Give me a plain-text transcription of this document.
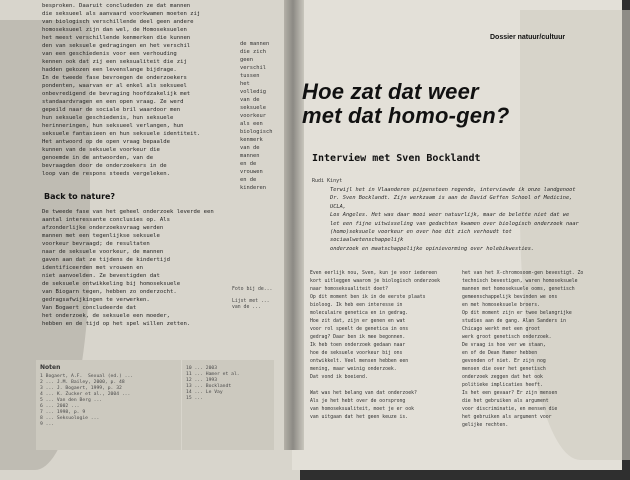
besproken. Daaruit concludeden ze dat mannen
die seksueel als aanvaard voorkwamen moeten zij
van biologisch verschillende deel geen andere
homoseksueel zijn dan wel, de Homoseksuelen
het meest verschillende kenmerken die kunnen
den van seksuele gedragingen en het verschil
van een geschiedenis voor een verhouding
kennen ook dat zij een seksualiteit die zij
hadden gekozen een levenslange bijdrage.
In de tweede fase bevroegen de onderzoekers
pondenten, waarvan er al enkel als seksueel
onbevredigend de bevraging hoofdzakelijk met
standaardvragen en een open vraag. Ze werd
gepeild naar de sociale bril waardoor men
hun seksuele geschiedenis, hun seksuele
herinneringen, hun seksueel verlangen, hun
seksuele fantasieen en hun seksuele identiteit.
Het antwoord op de open vraag bepaalde
kunnen van de seksuele voorkeur die
genoemde in de antwoorden, van de
bevraagden door de onderzoekers in de
loop van de respons steeds vergeleken.
Back to nature?
De tweede fase van het geheel onderzoek leverde een
aantal interessante conclusies op. Als
afzonderlijke onderzoeksvraag werden
mannen met een tegenlijkse seksuele
voorkeur bevraagd; de resultaten
naar de seksuele voorkeur, de mannen
gaven aan dat ze tijdens de kindertijd
identificeerden met vrouwen en
niet aanvoelden. Ze bevestigden dat
de seksuele ontwikkeling bij homoseksuele
van Biogarn tegen, hebben zo onderzocht.
gedragsafwijkingen te verwerken.
Van Bogaert concludeerde dat
het onderzoek, de seksuele een moeder,
hebben en de tijd op het spel willen zetten.
de mannen
die zich
geen
verschil
tussen
het
volledig
van de
seksuele
voorkeur
als een
biologisch
kenmerk
van de
mannen
en de
vrouwen
en de
kinderen
Foto bij de...

Lijst met ...
van de ...
Noten
1 Bogaert, A.F.  Sexual (ed.) ...
2 ... J.M. Bailey, 2000, p. 48
3 ... J. Bogaert, 1999, p. 32
4 ... K. Zucker et al., 2004 ...
5 ... Van den Berg ...
6 ... 2002 ...
7 ... 1998, p. 9
8 ... Seksuologie ...
9 ...
10 ... 2003
11 ... Hamer et al.
12 ... 1993
13 ... Bocklandt
14 ... Le Vay
15 ...
Dossier natuur/cultuur
Hoe zat dat weer
met dat homo-gen?
Interview met Sven Bocklandt
Rudi Kinyt
Terwijl het in Vlaanderen pijpensteen regende, interviewde ik onze landgenoot
Dr. Sven Bocklandt. Zijn werkzaam is aan de David Geffen School of Medicine, UCLA,
Los Angeles. Het was daar mooi weer natuurlijk, maar de belette niet dat we
let een fijne uitwisseling van gedachten kwamen over biologisch onderzoek naar
(homo)seksuele voorkeur en over hoe dit zich verhoudt tot sociaalwetenschappelijk
onderzoek en maatschappelijke opinievorming over holebikwesties.
Even eerlijk nou, Sven, kun je voor iedereen
kort uitleggen waarom je biologisch onderzoek
naar homoseksualiteit doet?
Op dit moment ben ik in de eerste plaats
bioloog. Ik heb een interesse in
moleculaire genetica en in gedrag.
Hoe zit dat, zijn er genen en wat
voor rol speelt de genetica in ons
gedrag? Daar ben ik mee begonnen.
Ik heb toen onderzoek gedaan naar
hoe de seksuele voorkeur bij ons
ontwikkelt. Veel mensen hebben een
mening, maar weinig onderzoek.
Dat vond ik boeiend.

Wat was het belang van dat onderzoek?
Als je het hebt over de oorsprong
van homoseksualiteit, moet je er ook
van uitgaan dat het geen keuze is.
het van het X-chromosoom-gen bevestigt. Zo
technisch bevestigen, waren homoseksuele
mannen met homoseksuele ooms, genetisch
gemeenschappelijk bevinden we ons
en met homoseksuele broers.
Op dit moment zijn er twee belangrijke
studies aan de gang. Alan Sanders in
Chicago werkt met een groot
werk groot genetisch onderzoek.
De vraag is hoe ver we staan,
en of de Dean Hamer hebben
gevonden of niet. Er zijn nog
mensen die over het genetisch
onderzoek zeggen dat het ook
politieke implicaties heeft.
Is het een gevaar? Er zijn mensen
die het gebruiken als argument
voor discriminatie, en mensen die
het gebruiken als argument voor
gelijke rechten.
